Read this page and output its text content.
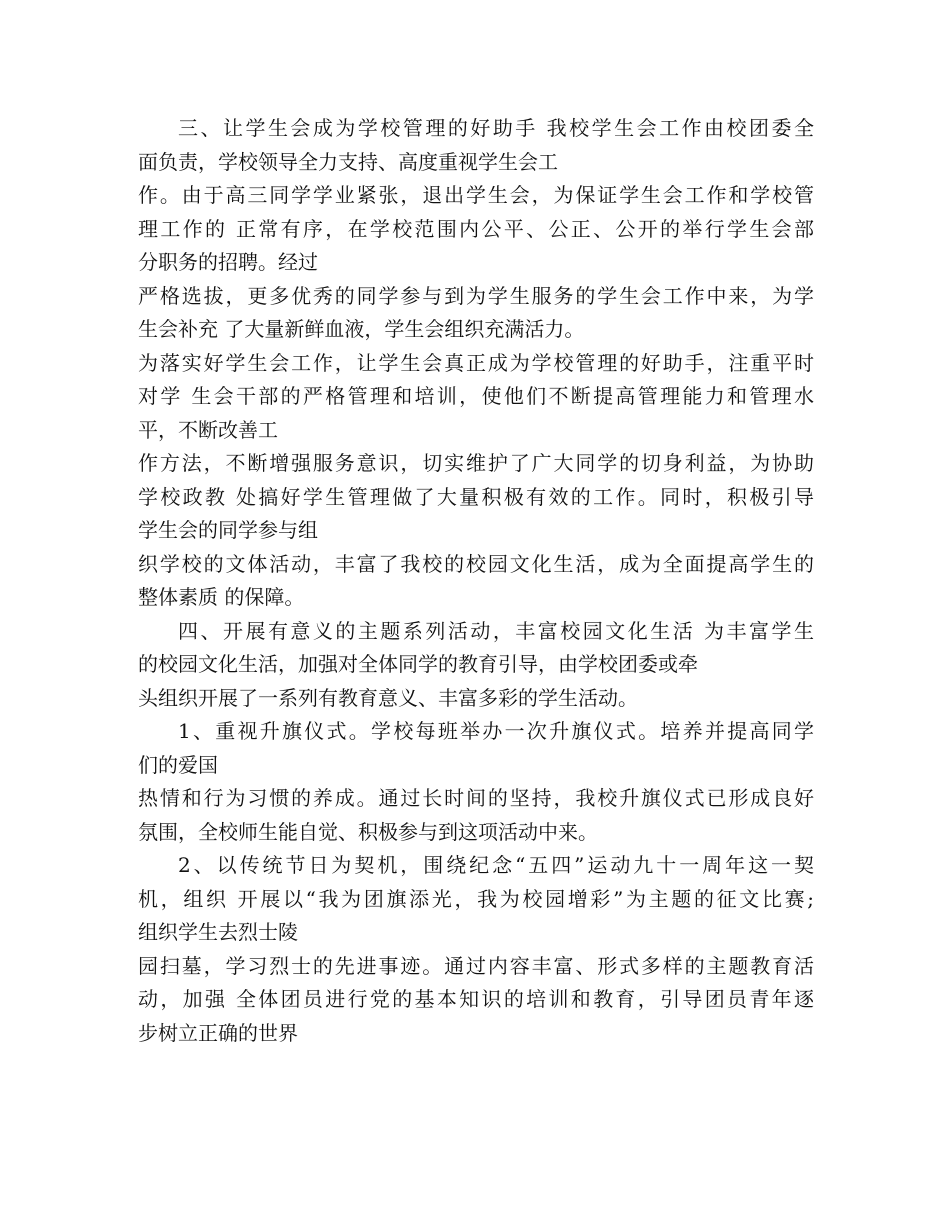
三、让学生会成为学校管理的好助手 我校学生会工作由校团委全
面负责，学校领导全力支持、高度重视学生会工
作。由于高三同学学业紧张，退出学生会，为保证学生会工作和学校管
理工作的 正常有序，在学校范围内公平、公正、公开的举行学生会部
分职务的招聘。经过
严格选拔，更多优秀的同学参与到为学生服务的学生会工作中来，为学
生会补充 了大量新鲜血液，学生会组织充满活力。
为落实好学生会工作，让学生会真正成为学校管理的好助手，注重平时
对学 生会干部的严格管理和培训，使他们不断提高管理能力和管理水
平，不断改善工
作方法，不断增强服务意识，切实维护了广大同学的切身利益，为协助
学校政教 处搞好学生管理做了大量积极有效的工作。同时，积极引导
学生会的同学参与组
织学校的文体活动，丰富了我校的校园文化生活，成为全面提高学生的
整体素质 的保障。
四、开展有意义的主题系列活动，丰富校园文化生活 为丰富学生
的校园文化生活，加强对全体同学的教育引导，由学校团委或牵
头组织开展了一系列有教育意义、丰富多彩的学生活动。
1、重视升旗仪式。学校每班举办一次升旗仪式。培养并提高同学
们的爱国
热情和行为习惯的养成。通过长时间的坚持，我校升旗仪式已形成良好
氛围，全校师生能自觉、积极参与到这项活动中来。
2、以传统节日为契机，围绕纪念“五四”运动九十一周年这一契
机，组织 开展以“我为团旗添光，我为校园增彩”为主题的征文比赛;
组织学生去烈士陵
园扫墓，学习烈士的先进事迹。通过内容丰富、形式多样的主题教育活
动，加强 全体团员进行党的基本知识的培训和教育，引导团员青年逐
步树立正确的世界
